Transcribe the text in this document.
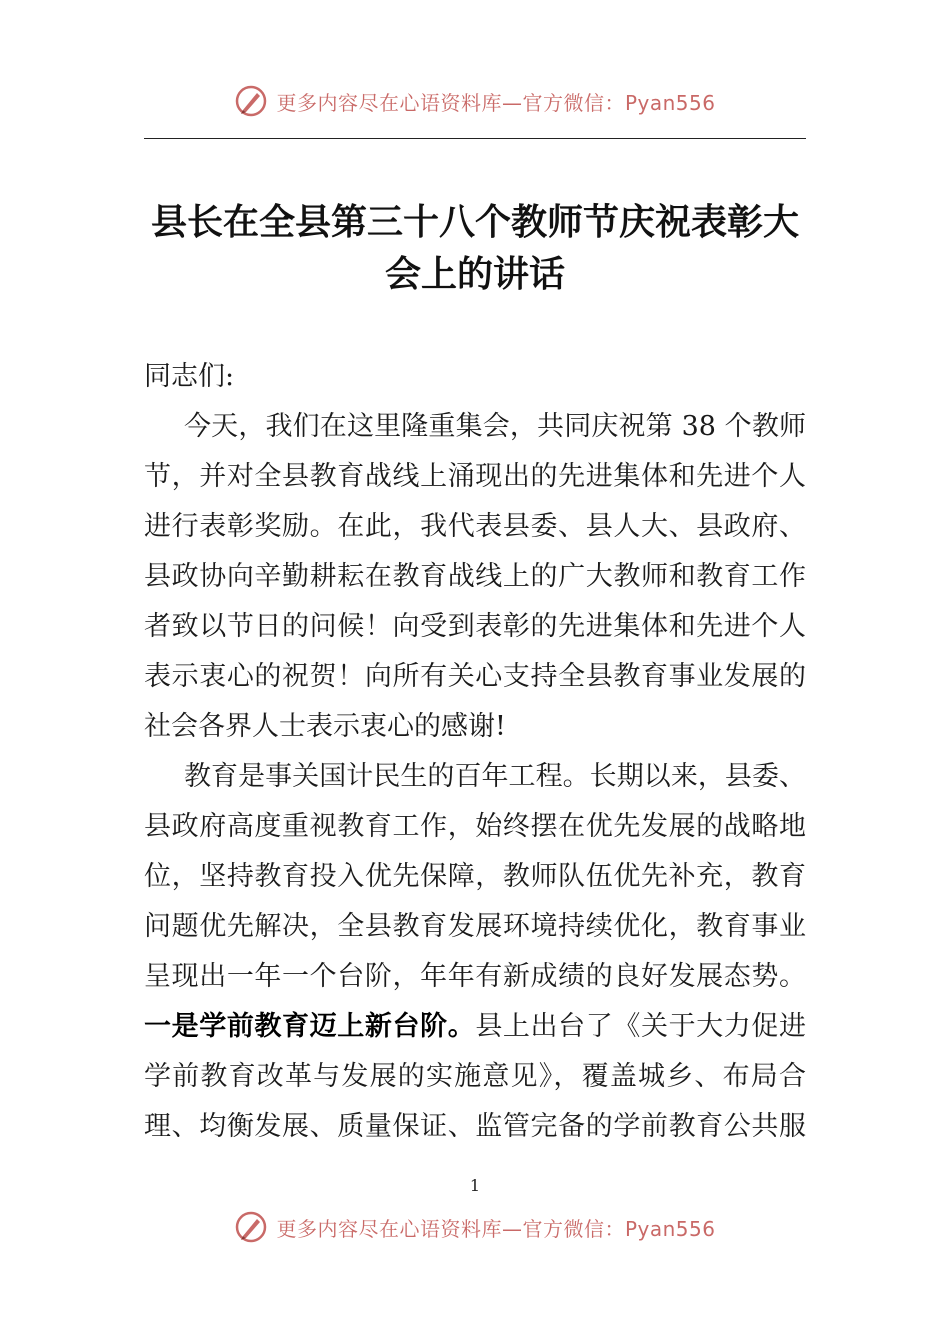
更多内容尽在心语资料库—官方微信：Pyan556
县长在全县第三十八个教师节庆祝表彰大
会上的讲话
同志们:
今天，我们在这里隆重集会，共同庆祝第 38 个教师
节，并对全县教育战线上涌现出的先进集体和先进个人
进行表彰奖励。在此，我代表县委、县人大、县政府、
县政协向辛勤耕耘在教育战线上的广大教师和教育工作
者致以节日的问候！向受到表彰的先进集体和先进个人
表示衷心的祝贺！向所有关心支持全县教育事业发展的
社会各界人士表示衷心的感谢!
教育是事关国计民生的百年工程。长期以来，县委、
县政府高度重视教育工作，始终摆在优先发展的战略地
位，坚持教育投入优先保障，教师队伍优先补充，教育
问题优先解决，全县教育发展环境持续优化，教育事业
呈现出一年一个台阶，年年有新成绩的良好发展态势。
一是学前教育迈上新台阶。县上出台了《关于大力促进
学前教育改革与发展的实施意见》，覆盖城乡、布局合
理、均衡发展、质量保证、监管完备的学前教育公共服
1
更多内容尽在心语资料库—官方微信：Pyan556
